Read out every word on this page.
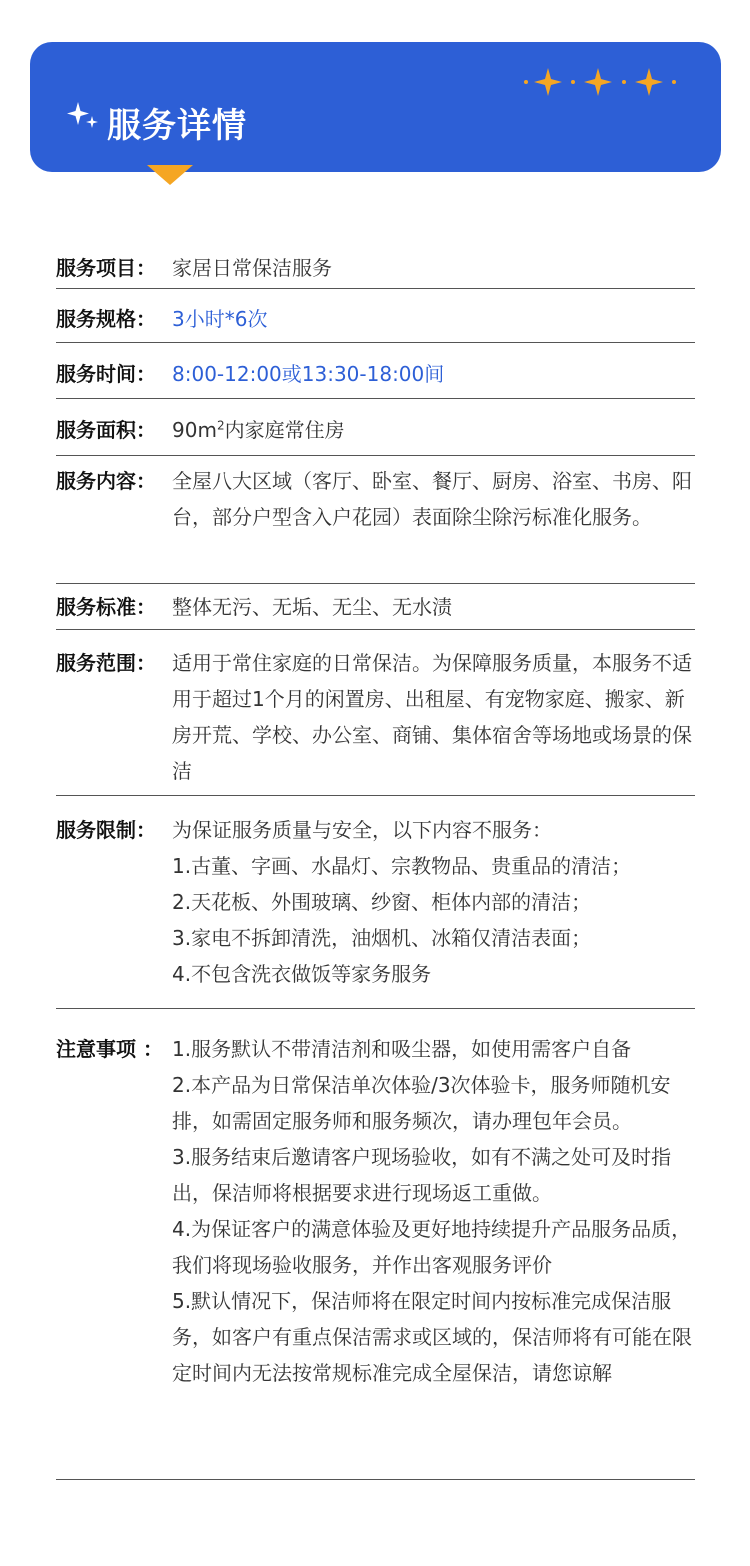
服务详情
服务项目： 家居日常保洁服务
服务规格： 3小时*6次
服务时间： 8:00-12:00或13:30-18:00间
服务面积： $90m^2$内家庭常住房
服务内容： 全屋八大区域（客厅、卧室、餐厅、厨房、浴室、书房、阳台，部分户型含入户花园）表面除尘除污标准化服务。
服务标准： 整体无污、无垢、无尘、无水渍
服务范围： 适用于常住家庭的日常保洁。为保障服务质量，本服务不适用于超过1个月的闲置房、出租屋、有宠物家庭、搬家、新房开荒、学校、办公室、商铺、集体宿舍等场地或场景的保洁
服务限制： 为保证服务质量与安全，以下内容不服务：

1.古董、字画、水晶灯、宗教物品、贵重品的清洁；

2.天花板、外围玻璃、纱窗、柜体内部的清洁；

3.家电不拆卸清洗，油烟机、冰箱仅清洁表面；

4.不包含洗衣做饭等家务服务

注意事项 ： 1.服务默认不带清洁剂和吸尘器，如使用需客户自备

2.本产品为日常保洁单次体验/3次体验卡，服务师随机安排，如需固定服务师和服务频次，请办理包年会员。

3.服务结束后邀请客户现场验收，如有不满之处可及时指出，保洁师将根据要求进行现场返工重做。

4.为保证客户的满意体验及更好地持续提升产品服务品质，我们将现场验收服务，并作出客观服务评价

5.默认情况下，保洁师将在限定时间内按标准完成保洁服务，如客户有重点保洁需求或区域的，保洁师将有可能在限定时间内无法按常规标准完成全屋保洁，请您谅解
